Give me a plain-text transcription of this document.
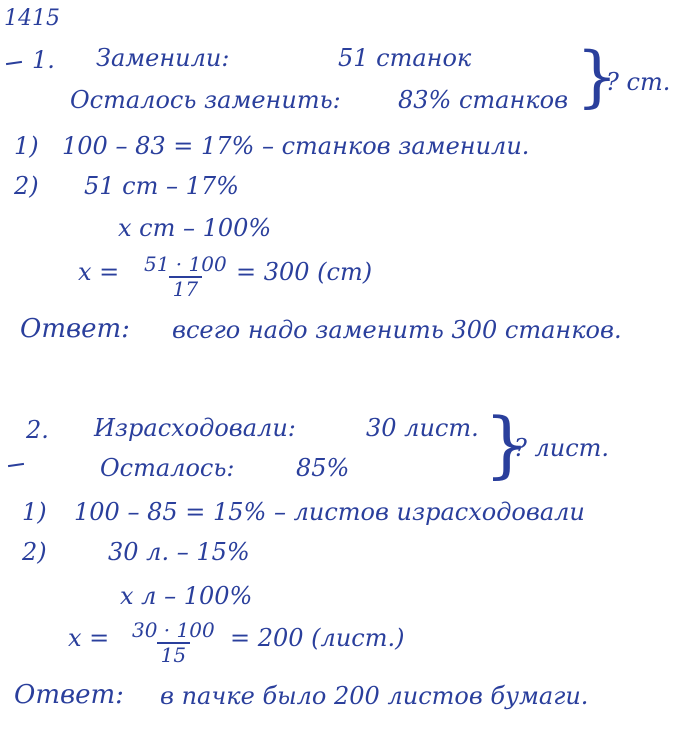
1415
1. Заменили:	51 станок
Осталось заменить: 83% станков }
? ст.
1) 100 – 83 = 17% – станков заменили.
2) 51 ст – 17%
x ст – 100%
$x = \frac{51 \cdot 100}{17} = 300$ (ст)
Ответ: всего надо заменить 300 станков.
2. Израсходовали:	30 лист.
Осталось:	85% }
? лист.
1) 100 – 85 = 15% – листов израсходовали
2)	30 л. – 15%
x л – 100%
$x = \frac{30 \cdot 100}{15} = 200$ (лист.)
Ответ: в пачке было 200 листов бумаги.
